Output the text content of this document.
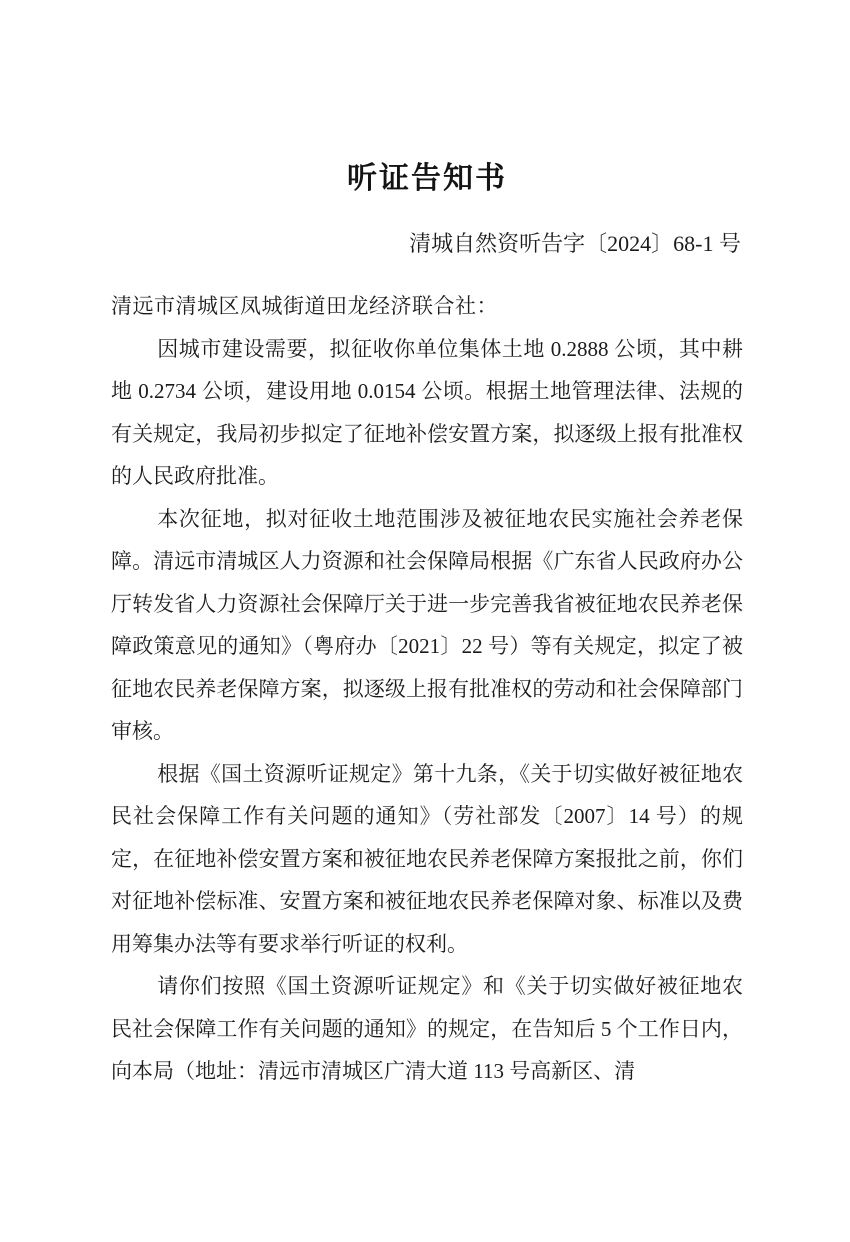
听证告知书
清城自然资听告字〔2024〕68-1 号

清远市清城区凤城街道田龙经济联合社：

因城市建设需要，拟征收你单位集体土地 0.2888 公顷，其中耕地 0.2734 公顷，建设用地 0.0154 公顷。根据土地管理法律、法规的有关规定，我局初步拟定了征地补偿安置方案，拟逐级上报有批准权的人民政府批准。

本次征地，拟对征收土地范围涉及被征地农民实施社会养老保障。清远市清城区人力资源和社会保障局根据《广东省人民政府办公厅转发省人力资源社会保障厅关于进一步完善我省被征地农民养老保障政策意见的通知》（粤府办〔2021〕22 号）等有关规定，拟定了被征地农民养老保障方案，拟逐级上报有批准权的劳动和社会保障部门审核。

根据《国土资源听证规定》第十九条，《关于切实做好被征地农民社会保障工作有关问题的通知》（劳社部发〔2007〕14 号）的规定，在征地补偿安置方案和被征地农民养老保障方案报批之前，你们对征地补偿标准、安置方案和被征地农民养老保障对象、标准以及费用筹集办法等有要求举行听证的权利。

请你们按照《国土资源听证规定》和《关于切实做好被征地农民社会保障工作有关问题的通知》的规定，在告知后 5 个工作日内，向本局（地址：清远市清城区广清大道 113 号高新区、清
